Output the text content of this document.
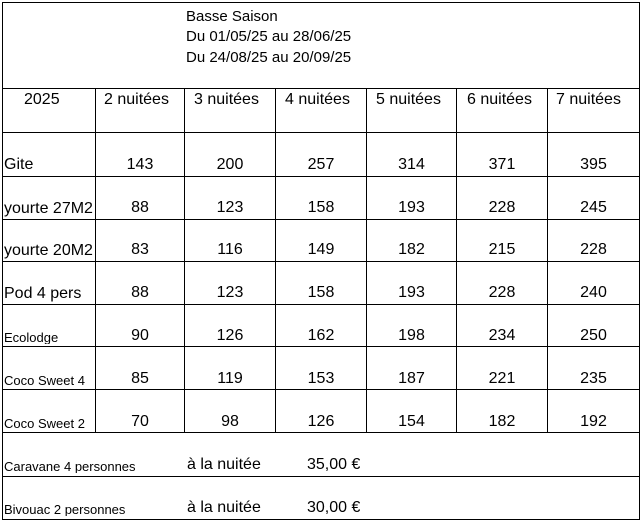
Basse Saison
Du 01/05/25 au 28/06/25
Du 24/08/25 au 20/09/25
2025	2 nuitées 3 nuitées 4 nuitées 5 nuitées 6 nuitées 7 nuitées
Gite	143	200	257	314	371	395
yourte 27M2	88	123	158	193	228	245
yourte 20M2	83	116	149	182	215	228
Pod 4 pers	88	123	158	193	228	240
Ecolodge	90	126	162	198	234	250
Coco Sweet 4	85	119	153	187	221	235
Coco Sweet 2	70	98	126	154	182	192
Caravane 4 personnes	à la nuitée	35,00 €
Bivouac 2 personnes	à la nuitée	30,00 €
